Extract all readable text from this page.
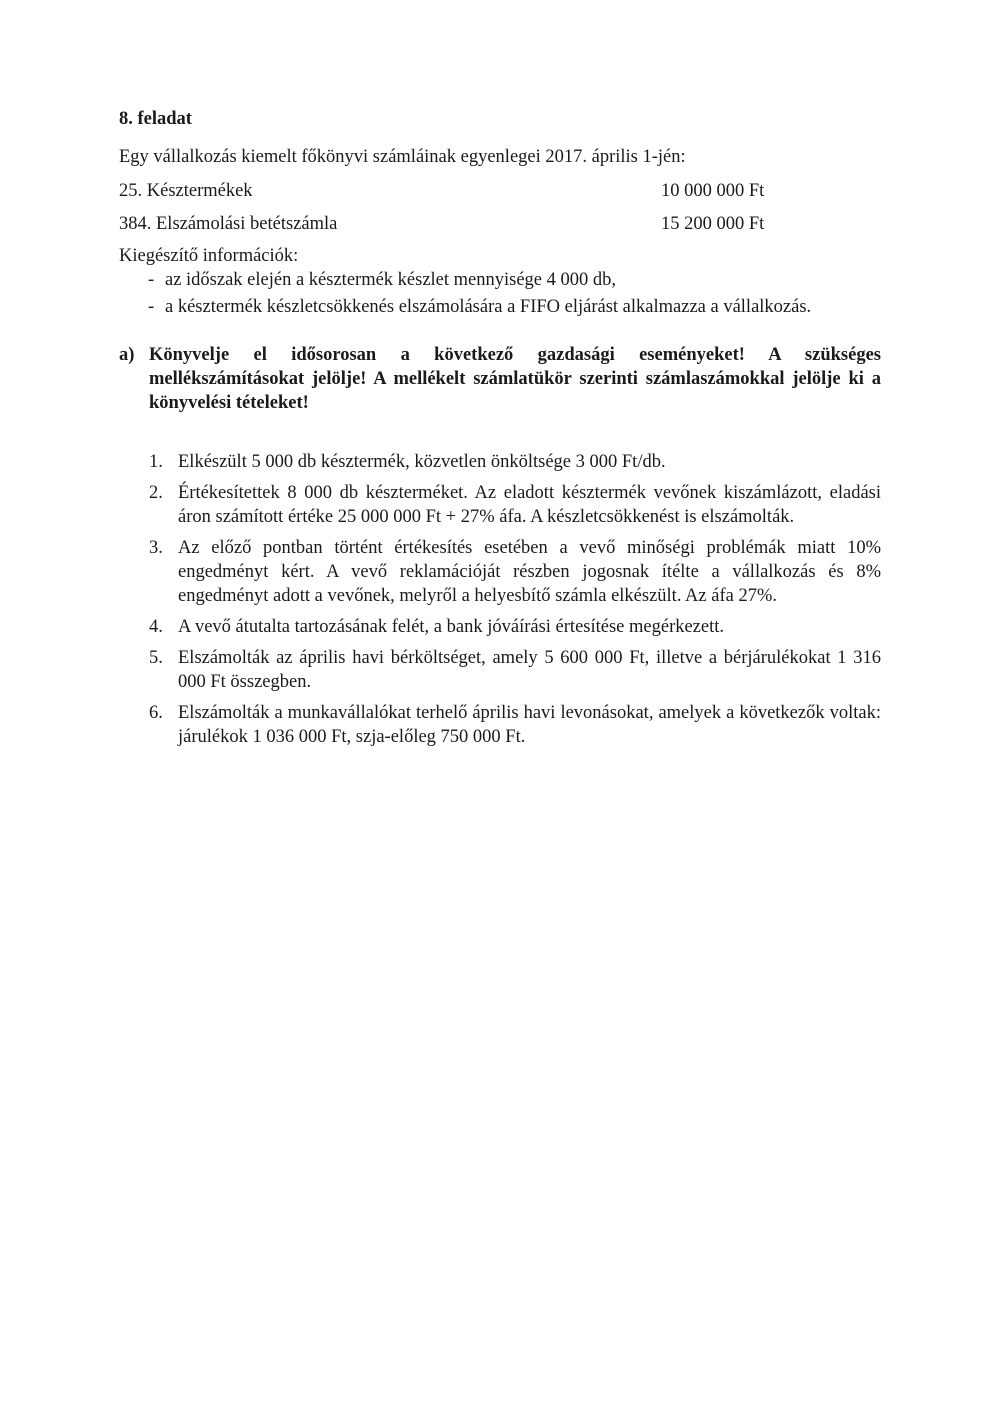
8. feladat
Egy vállalkozás kiemelt főkönyvi számláinak egyenlegei 2017. április 1-jén:
25. Késztermékek	10 000 000 Ft
384. Elszámolási betétszámla	15 200 000 Ft
Kiegészítő információk:
- az időszak elején a késztermék készlet mennyisége 4 000 db,
- a késztermék készletcsökkenés elszámolására a FIFO eljárást alkalmazza a vállalkozás.
a) Könyvelje el idősorosan a következő gazdasági eseményeket! A szükséges mellékszámításokat jelölje! A mellékelt számlatükör szerinti számlaszámokkal jelölje ki a könyvelési tételeket!
1. Elkészült 5 000 db késztermék, közvetlen önköltsége 3 000 Ft/db.
2. Értékesítettek 8 000 db készterméket. Az eladott késztermék vevőnek kiszámlázott, eladási áron számított értéke 25 000 000 Ft + 27% áfa. A készletcsökkenést is elszámolták.
3. Az előző pontban történt értékesítés esetében a vevő minőségi problémák miatt 10% engedményt kért. A vevő reklamációját részben jogosnak ítélte a vállalkozás és 8% engedményt adott a vevőnek, melyről a helyesbítő számla elkészült. Az áfa 27%.
4. A vevő átutalta tartozásának felét, a bank jóváírási értesítése megérkezett.
5. Elszámolták az április havi bérköltséget, amely 5 600 000 Ft, illetve a bérjárulékokat 1 316 000 Ft összegben.
6. Elszámolták a munkavállalókat terhelő április havi levonásokat, amelyek a következők voltak: járulékok 1 036 000 Ft, szja-előleg 750 000 Ft.
